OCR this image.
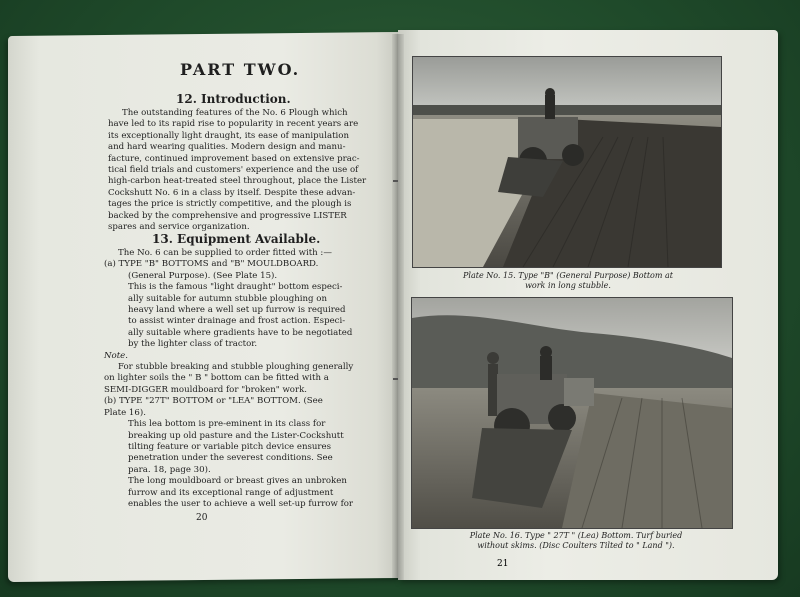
PART TWO.
12. Introduction.
The outstanding features of the No. 6 Plough which
have led to its rapid rise to popularity in recent years are
its exceptionally light draught, its ease of manipulation
and hard wearing qualities. Modern design and manu-
facture, continued improvement based on extensive prac-
tical field trials and customers' experience and the use of
high-carbon heat-treated steel throughout, place the Lister
Cockshutt No. 6 in a class by itself. Despite these advan-
tages the price is strictly competitive, and the plough is
backed by the comprehensive and progressive LISTER
spares and service organization.
13. Equipment Available.
The No. 6 can be supplied to order fitted with :—
(a) TYPE "B" BOTTOMS and "B" MOULDBOARD.
(General Purpose). (See Plate 15).
This is the famous "light draught" bottom especi-
ally suitable for autumn stubble ploughing on
heavy land where a well set up furrow is required
to assist winter drainage and frost action. Especi-
ally suitable where gradients have to be negotiated
by the lighter class of tractor.
Note.
For stubble breaking and stubble ploughing generally
on lighter soils the " B " bottom can be fitted with a
SEMI-DIGGER mouldboard for "broken" work.
(b) TYPE "27T" BOTTOM or "LEA" BOTTOM. (See
Plate 16).
This lea bottom is pre-eminent in its class for
breaking up old pasture and the Lister-Cockshutt
tilting feature or variable pitch device ensures
penetration under the severest conditions. See
para. 18, page 30).
The long mouldboard or breast gives an unbroken
furrow and its exceptional range of adjustment
enables the user to achieve a well set-up furrow for
20
Plate No. 15. Type "B" (General Purpose) Bottom at
work in long stubble.
Plate No. 16. Type " 27T " (Lea) Bottom. Turf buried
without skims. (Disc Coulters Tilted to " Land ").
21
